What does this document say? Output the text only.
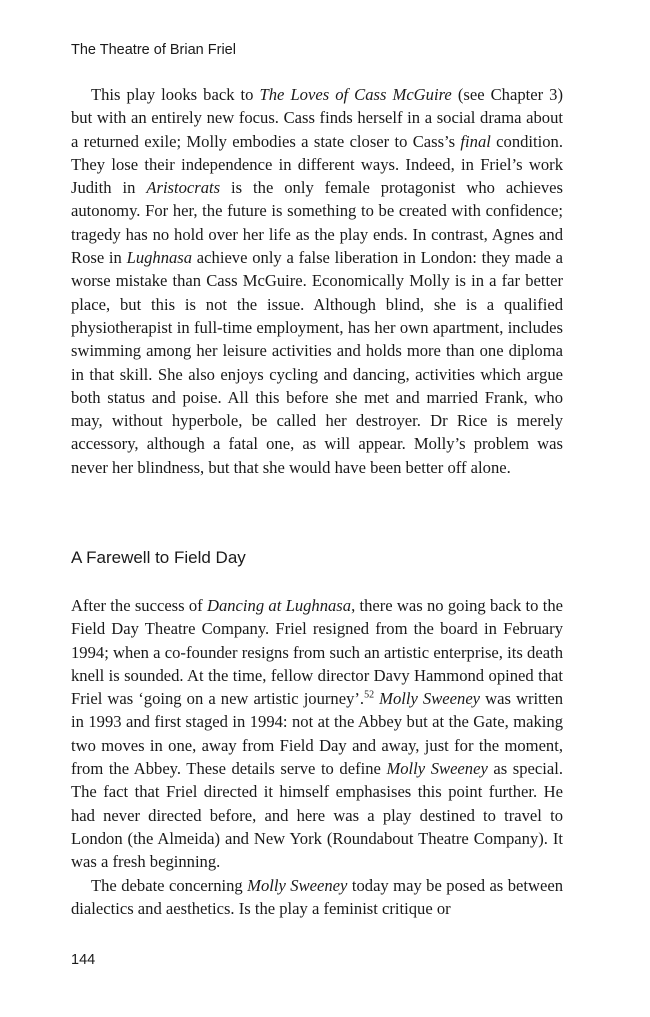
The Theatre of Brian Friel

This play looks back to The Loves of Cass McGuire (see Chapter 3) but with an entirely new focus. Cass finds herself in a social drama about a returned exile; Molly embodies a state closer to Cass’s final condition. They lose their independence in different ways. Indeed, in Friel’s work Judith in Aristocrats is the only female protagonist who achieves autonomy. For her, the future is something to be created with confidence; tragedy has no hold over her life as the play ends. In contrast, Agnes and Rose in Lughnasa achieve only a false liberation in London: they made a worse mistake than Cass McGuire. Economically Molly is in a far better place, but this is not the issue. Although blind, she is a qualified physiotherapist in full-time employment, has her own apartment, includes swimming among her leisure activities and holds more than one diploma in that skill. She also enjoys cycling and dancing, activities which argue both status and poise. All this before she met and married Frank, who may, without hyperbole, be called her destroyer. Dr Rice is merely accessory, although a fatal one, as will appear. Molly’s problem was never her blindness, but that she would have been better off alone.

A Farewell to Field Day

After the success of Dancing at Lughnasa, there was no going back to the Field Day Theatre Company. Friel resigned from the board in February 1994; when a co-founder resigns from such an artistic enterprise, its death knell is sounded. At the time, fellow director Davy Hammond opined that Friel was ‘going on a new artistic journey’.$^{52}$ Molly Sweeney was written in 1993 and first staged in 1994: not at the Abbey but at the Gate, making two moves in one, away from Field Day and away, just for the moment, from the Abbey. These details serve to define Molly Sweeney as special. The fact that Friel directed it himself emphasises this point further. He had never directed before, and here was a play destined to travel to London (the Almeida) and New York (Roundabout Theatre Company). It was a fresh beginning.

The debate concerning Molly Sweeney today may be posed as between dialectics and aesthetics. Is the play a feminist critique or

144
